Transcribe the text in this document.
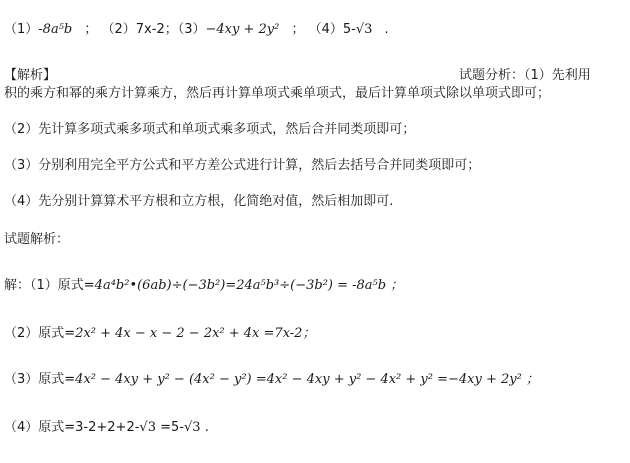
（1）-8a⁵b ； （2）7x-2；（3）−4xy + 2y² ； （4）5-√3 .
【解析】	试题分析：（1）先利用
积的乘方和幂的乘方计算乘方，然后再计算单项式乘单项式，最后计算单项式除以单项式即可；
（2）先计算多项式乘多项式和单项式乘多项式，然后合并同类项即可；
（3）分别利用完全平方公式和平方差公式进行计算，然后去括号合并同类项即可；
（4）先分别计算算术平方根和立方根，化简绝对值，然后相加即可.
试题解析：
解：（1）原式=4a⁴b²•(6ab)÷(−3b²)=24a⁵b³÷(−3b²) = -8a⁵b ；
（2）原式=2x² + 4x − x − 2 − 2x² + 4x =7x-2；
（3）原式=4x² − 4xy + y² − (4x² − y²) =4x² − 4xy + y² − 4x² + y² =−4xy + 2y² ；
（4）原式=3-2+2+2-√3 =5-√3 .
